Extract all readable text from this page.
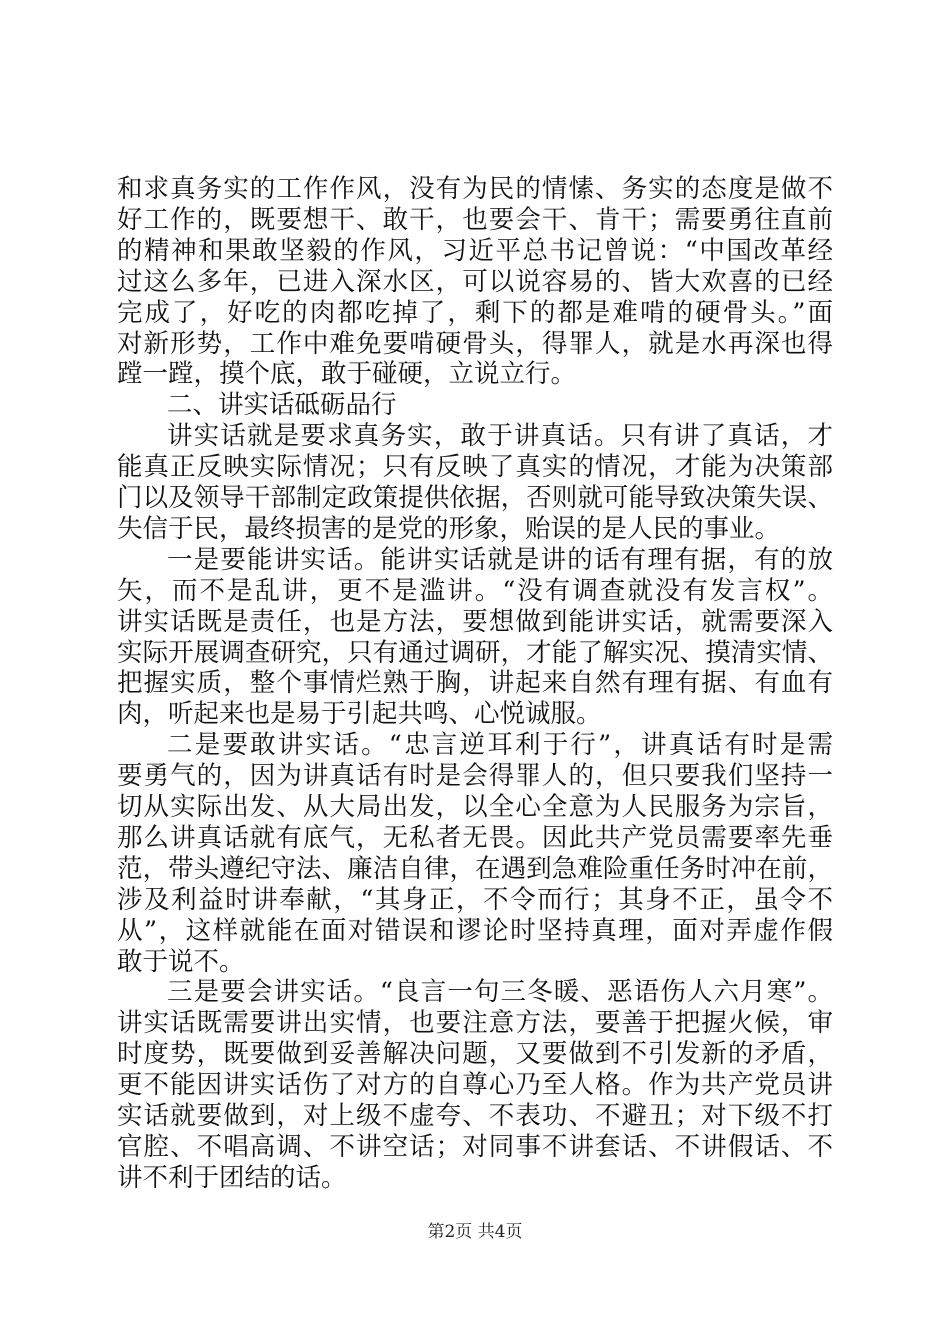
和求真务实的工作作风，没有为民的情愫、务实的态度是做不
好工作的，既要想干、敢干，也要会干、肯干；需要勇往直前
的精神和果敢坚毅的作风，习近平总书记曾说：“中国改革经
过这么多年，已进入深水区，可以说容易的、皆大欢喜的已经
完成了，好吃的肉都吃掉了，剩下的都是难啃的硬骨头。”面
对新形势，工作中难免要啃硬骨头，得罪人，就是水再深也得
蹚一蹚，摸个底，敢于碰硬，立说立行。
二、讲实话砥砺品行
讲实话就是要求真务实，敢于讲真话。只有讲了真话，才
能真正反映实际情况；只有反映了真实的情况，才能为决策部
门以及领导干部制定政策提供依据，否则就可能导致决策失误、
失信于民，最终损害的是党的形象，贻误的是人民的事业。
一是要能讲实话。能讲实话就是讲的话有理有据，有的放
矢，而不是乱讲，更不是滥讲。“没有调查就没有发言权”。
讲实话既是责任，也是方法，要想做到能讲实话，就需要深入
实际开展调查研究，只有通过调研，才能了解实况、摸清实情、
把握实质，整个事情烂熟于胸，讲起来自然有理有据、有血有
肉，听起来也是易于引起共鸣、心悦诚服。
二是要敢讲实话。“忠言逆耳利于行”，讲真话有时是需
要勇气的，因为讲真话有时是会得罪人的，但只要我们坚持一
切从实际出发、从大局出发，以全心全意为人民服务为宗旨，
那么讲真话就有底气，无私者无畏。因此共产党员需要率先垂
范，带头遵纪守法、廉洁自律，在遇到急难险重任务时冲在前，
涉及利益时讲奉献，“其身正，不令而行；其身不正，虽令不
从”，这样就能在面对错误和谬论时坚持真理，面对弄虚作假
敢于说不。
三是要会讲实话。“良言一句三冬暖、恶语伤人六月寒”。
讲实话既需要讲出实情，也要注意方法，要善于把握火候，审
时度势，既要做到妥善解决问题，又要做到不引发新的矛盾，
更不能因讲实话伤了对方的自尊心乃至人格。作为共产党员讲
实话就要做到，对上级不虚夸、不表功、不避丑；对下级不打
官腔、不唱高调、不讲空话；对同事不讲套话、不讲假话、不
讲不利于团结的话。
第2页 共4页
